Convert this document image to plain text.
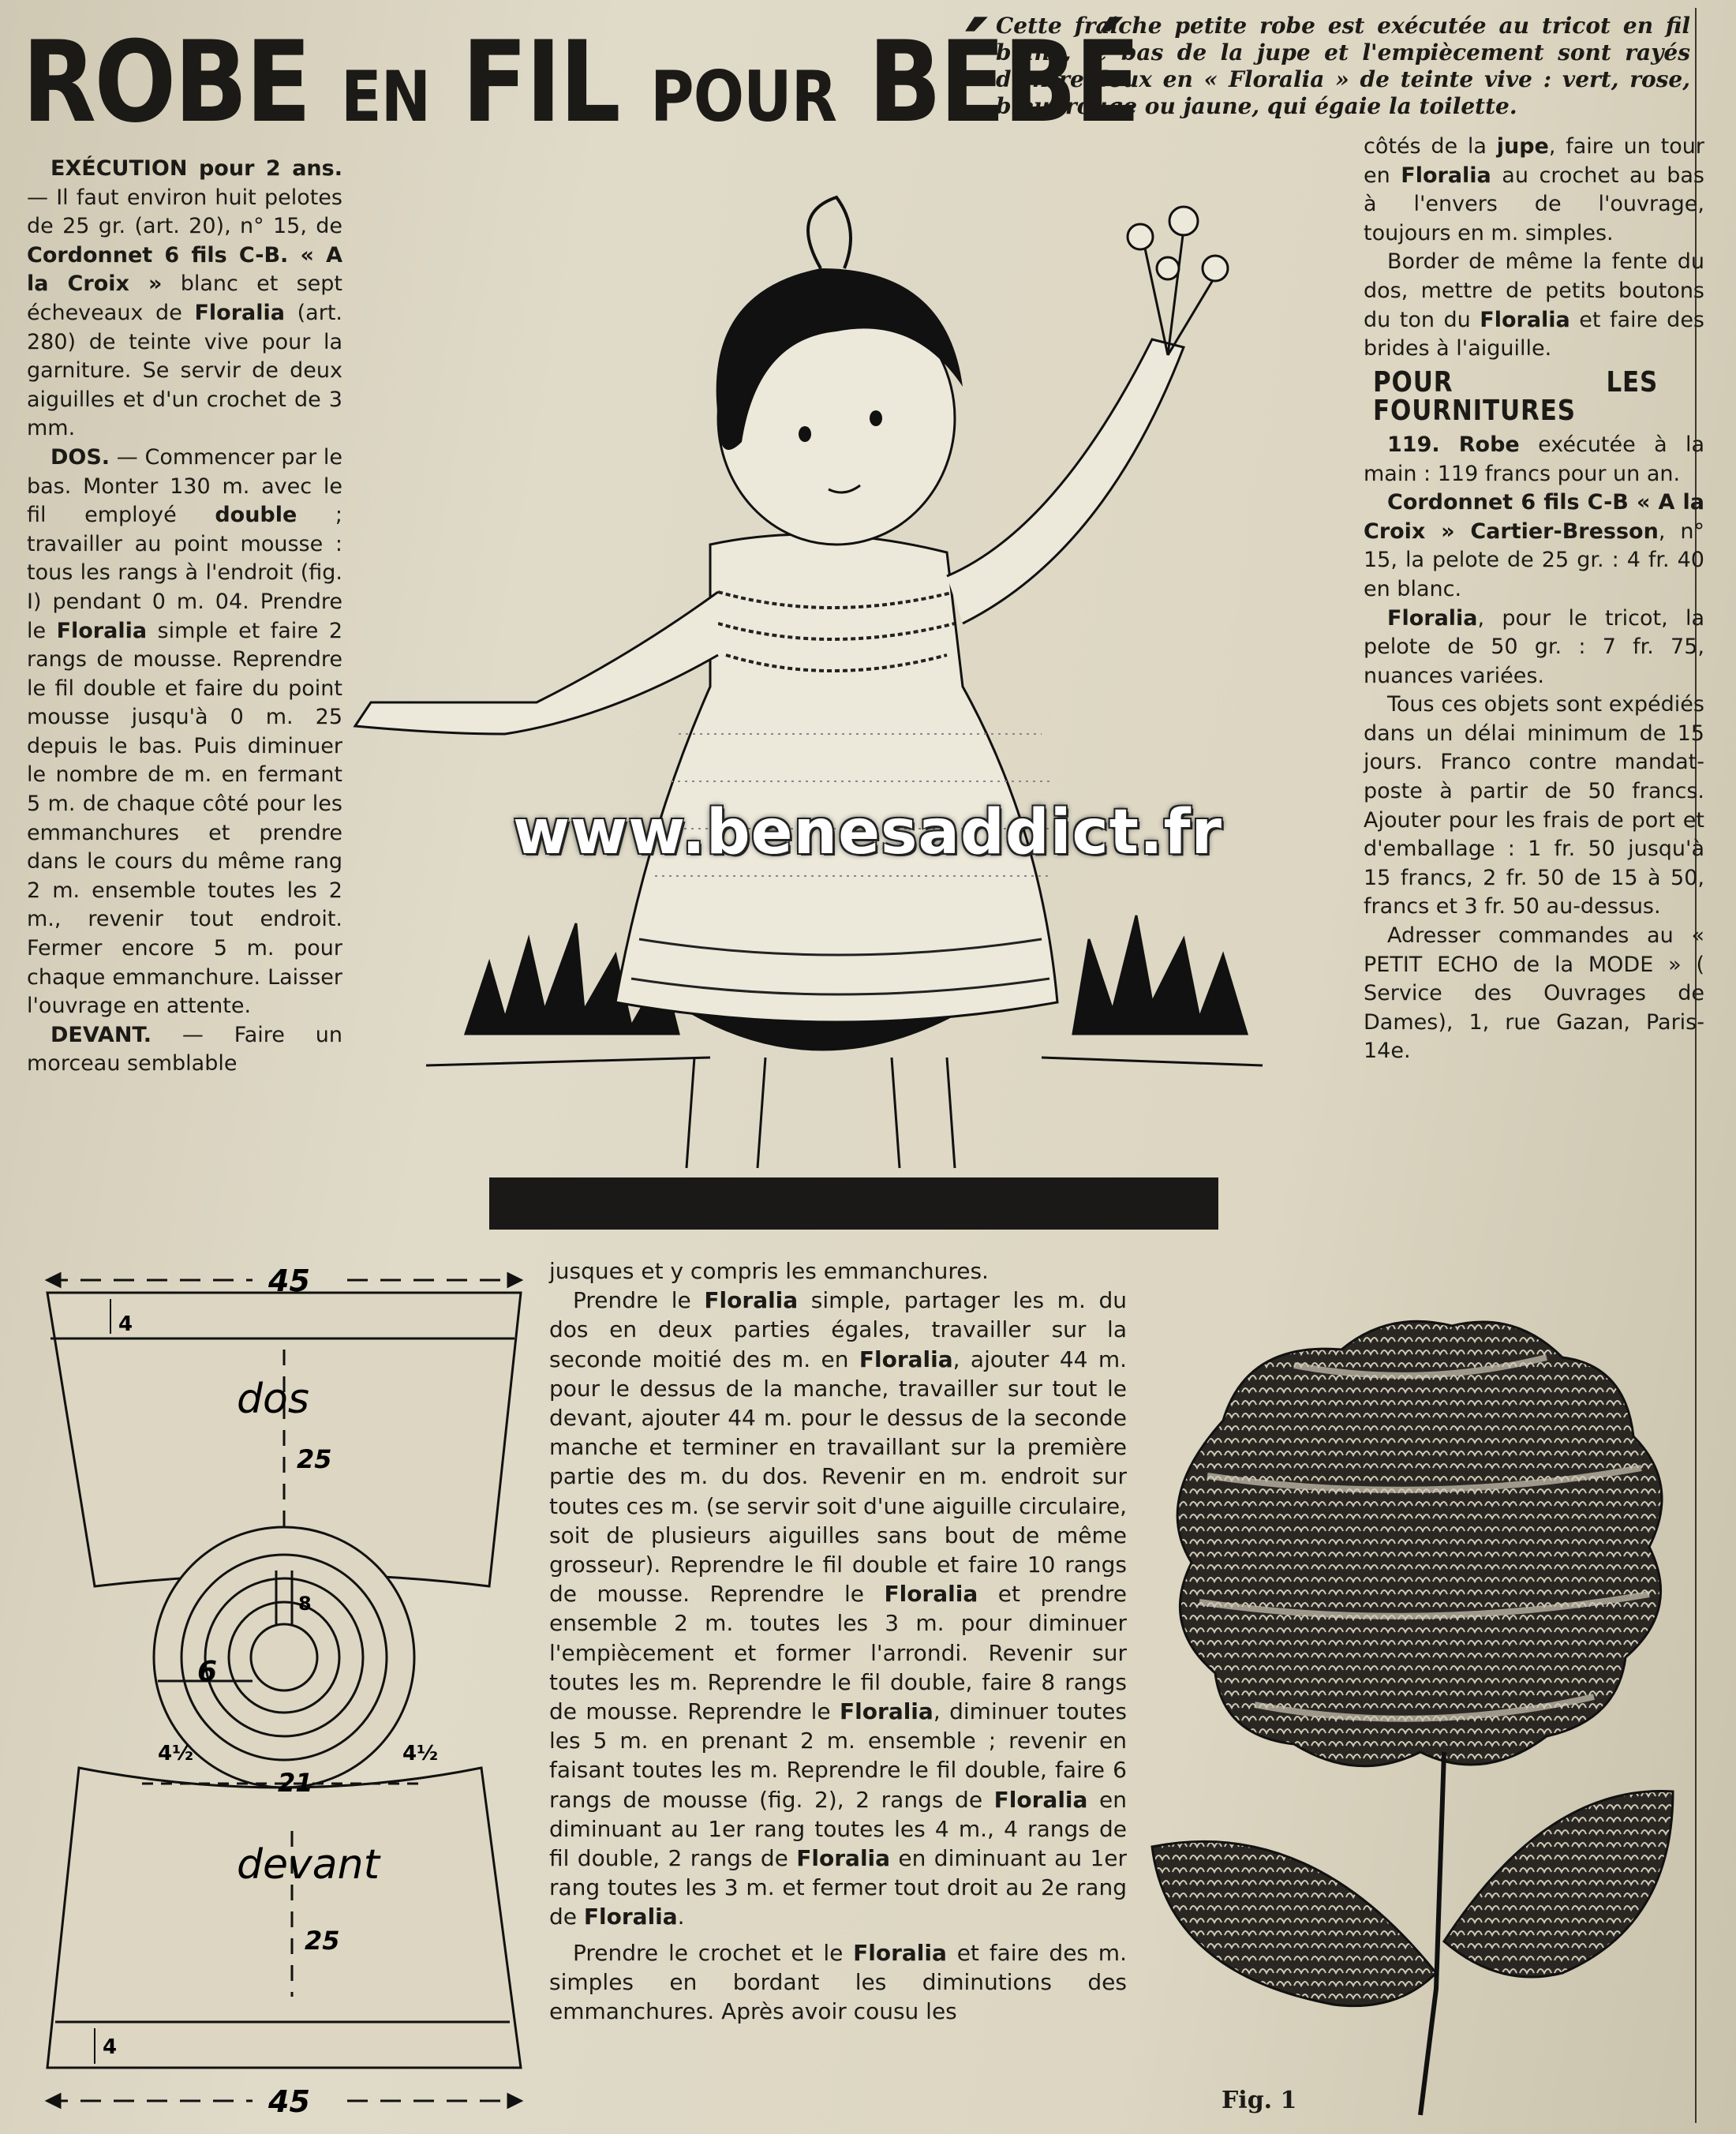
ROBE EN FIL POUR BÉBÉ
Cette fraiche petite robe est exécutée au tricot en fil blanc, le bas de la jupe et l'empiècement sont rayés d'entre-deux en « Floralia » de teinte vive : vert, rose, bleu, rouge ou jaune, qui égaie la toilette.

EXÉCUTION pour 2 ans. — Il faut environ huit pelotes de 25 gr. (art. 20), n° 15, de Cordonnet 6 fils C-B. « A la Croix » blanc et sept écheveaux de Floralia (art. 280) de teinte vive pour la garniture. Se servir de deux aiguilles et d'un crochet de 3 mm.

DOS. — Commencer par le bas. Monter 130 m. avec le fil employé double ; travailler au point mousse : tous les rangs à l'endroit (fig. I) pendant 0 m. 04. Prendre le Floralia simple et faire 2 rangs de mousse. Reprendre le fil double et faire du point mousse jusqu'à 0 m. 25 depuis le bas. Puis diminuer le nombre de m. en fermant 5 m. de chaque côté pour les emmanchures et prendre dans le cours du même rang 2 m. ensemble toutes les 2 m., revenir tout endroit. Fermer encore 5 m. pour chaque emmanchure. Laisser l'ouvrage en attente.

DEVANT. — Faire un morceau semblable

www.benesaddict.fr

côtés de la jupe, faire un tour en Floralia au crochet au bas à l'envers de l'ouvrage, toujours en m. simples.

Border de même la fente du dos, mettre de petits boutons du ton du Floralia et faire des brides à l'aiguille.

POUR LES FOURNITURES

119. Robe exécutée à la main : 119 francs pour un an.

Cordonnet 6 fils C-B « A la Croix » Cartier-Bresson, n° 15, la pelote de 25 gr. : 4 fr. 40 en blanc.

Floralia, pour le tricot, la pelote de 50 gr. : 7 fr. 75, nuances variées.

Tous ces objets sont expédiés dans un délai minimum de 15 jours. Franco contre mandat-poste à partir de 50 francs. Ajouter pour les frais de port et d'emballage : 1 fr. 50 jusqu'à 15 francs, 2 fr. 50 de 15 à 50, francs et 3 fr. 50 au-dessus.

Adresser commandes au « PETIT ECHO de la MODE » ( Service des Ouvrages de Dames), 1, rue Gazan, Paris-14e.

jusques et y compris les emmanchures.

Prendre le Floralia simple, partager les m. du dos en deux parties égales, travailler sur la seconde moitié des m. en Floralia, ajouter 44 m. pour le dessus de la manche, travailler sur tout le devant, ajouter 44 m. pour le dessus de la seconde manche et terminer en travaillant sur la première partie des m. du dos. Revenir en m. endroit sur toutes ces m. (se servir soit d'une aiguille circulaire, soit de plusieurs aiguilles sans bout de même grosseur). Reprendre le fil double et faire 10 rangs de mousse. Reprendre le Floralia et prendre ensemble 2 m. toutes les 3 m. pour diminuer l'empiècement et former l'arrondi. Revenir sur toutes les m. Reprendre le fil double, faire 8 rangs de mousse. Reprendre le Floralia, diminuer toutes les 5 m. en prenant 2 m. ensemble ; revenir en faisant toutes les m. Reprendre le fil double, faire 6 rangs de mousse (fig. 2), 2 rangs de Floralia en diminuant au 1er rang toutes les 4 m., 4 rangs de fil double, 2 rangs de Floralia en diminuant au 1er rang toutes les 3 m. et fermer tout droit au 2e rang de Floralia.

Prendre le crochet et le Floralia et faire des m. simples en bordant les diminutions des emmanchures. Après avoir cousu les

45
4
dos
25
6
8
4½	4½
21
devant
25
4
45	Fig. 1
